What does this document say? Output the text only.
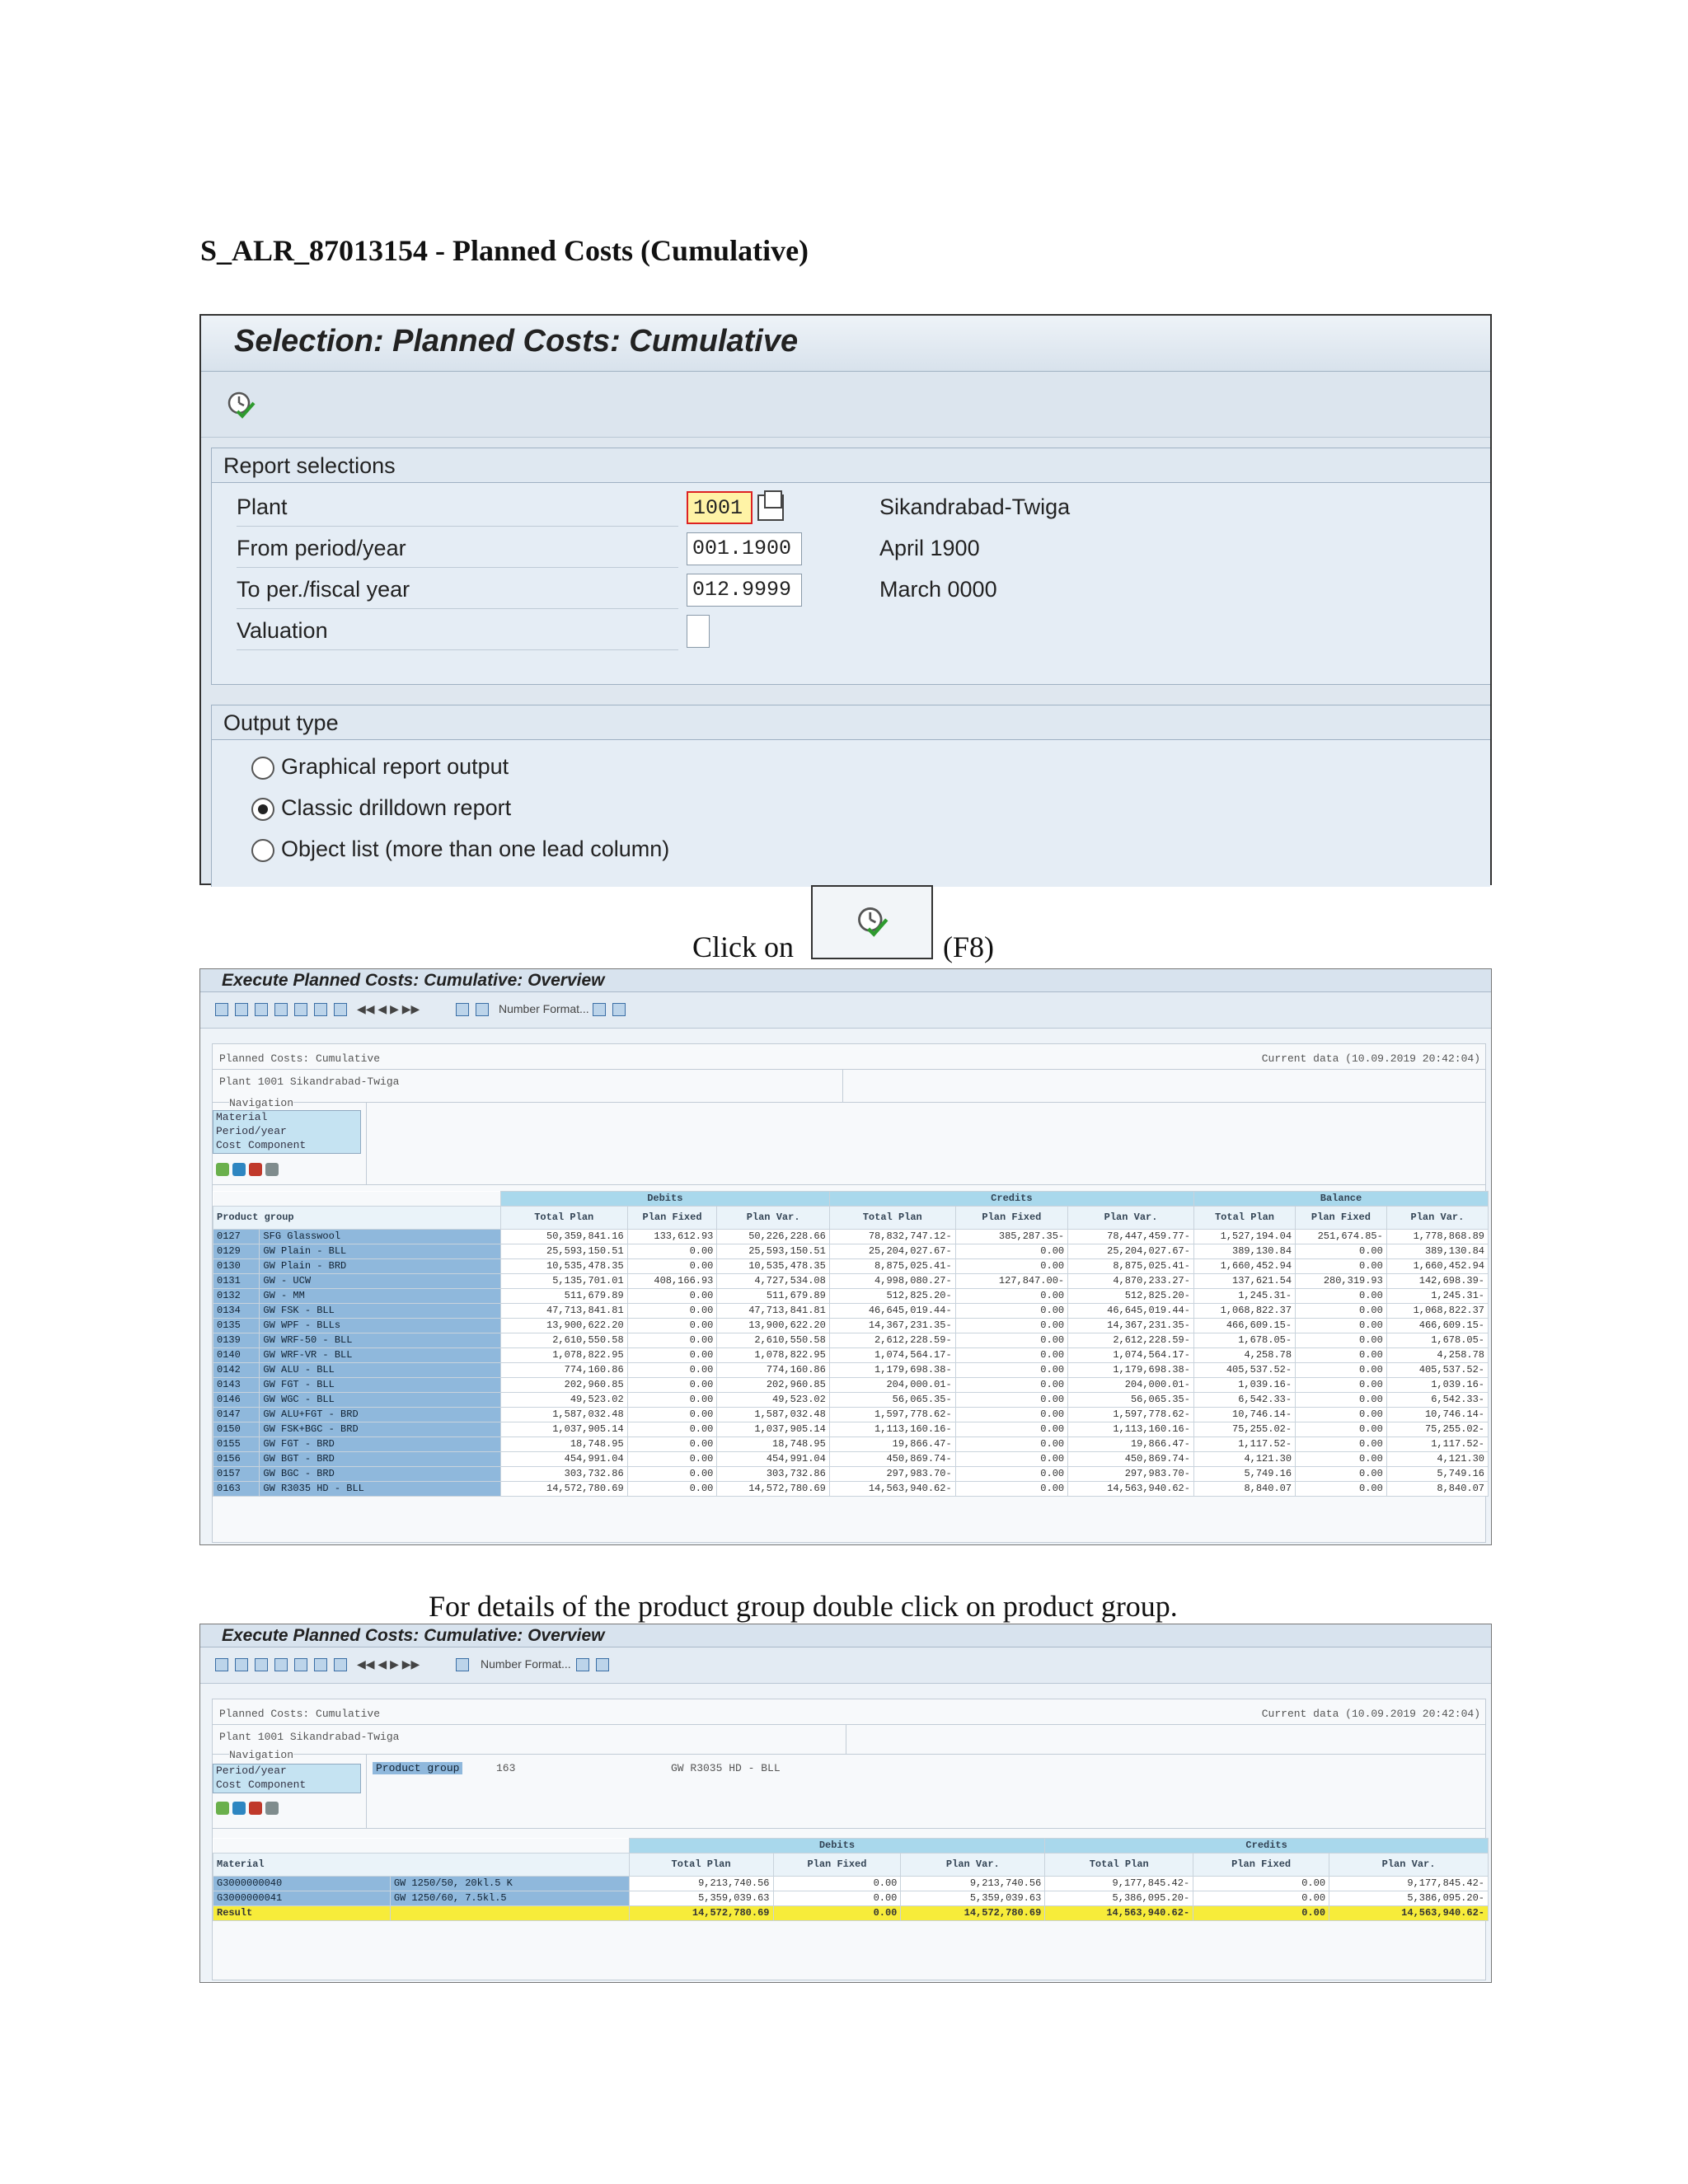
S_ALR_87013154 - Planned Costs (Cumulative)
Selection: Planned Costs: Cumulative
Report selections
Plant	1001	Sikandrabad-Twiga
From period/year	001.1900	April 1900
To per./fiscal year	012.9999	March 0000
Valuation
Output type
Graphical report output
Classic drilldown report
Object list (more than one lead column)
Click on	(F8)
Execute Planned Costs: Cumulative: Overview
◀◀ ◀ ▶ ▶▶	Number Format...
Planned Costs: Cumulative	Current data (10.09.2019 20:42:04)
Plant 1001 Sikandrabad-Twiga
Navigation
Material
Period/year
Cost Component
		Debits			Credits			Balance		
Product group		Total Plan	Plan Fixed	Plan Var.	Total Plan	Plan Fixed	Plan Var.	Total Plan	Plan Fixed	Plan Var.
0127	SFG Glasswool	50,359,841.16	133,612.93	50,226,228.66	78,832,747.12-	385,287.35-	78,447,459.77-	1,527,194.04	251,674.85-	1,778,868.89
0129	GW Plain - BLL	25,593,150.51	0.00	25,593,150.51	25,204,027.67-	0.00	25,204,027.67-	389,130.84	0.00	389,130.84
0130	GW Plain - BRD	10,535,478.35	0.00	10,535,478.35	8,875,025.41-	0.00	8,875,025.41-	1,660,452.94	0.00	1,660,452.94
0131	GW - UCW	5,135,701.01	408,166.93	4,727,534.08	4,998,080.27-	127,847.00-	4,870,233.27-	137,621.54	280,319.93	142,698.39-
0132	GW - MM	511,679.89	0.00	511,679.89	512,825.20-	0.00	512,825.20-	1,245.31-	0.00	1,245.31-
0134	GW FSK - BLL	47,713,841.81	0.00	47,713,841.81	46,645,019.44-	0.00	46,645,019.44-	1,068,822.37	0.00	1,068,822.37
0135	GW WPF - BLLs	13,900,622.20	0.00	13,900,622.20	14,367,231.35-	0.00	14,367,231.35-	466,609.15-	0.00	466,609.15-
0139	GW WRF-50 - BLL	2,610,550.58	0.00	2,610,550.58	2,612,228.59-	0.00	2,612,228.59-	1,678.05-	0.00	1,678.05-
0140	GW WRF-VR - BLL	1,078,822.95	0.00	1,078,822.95	1,074,564.17-	0.00	1,074,564.17-	4,258.78	0.00	4,258.78
0142	GW ALU - BLL	774,160.86	0.00	774,160.86	1,179,698.38-	0.00	1,179,698.38-	405,537.52-	0.00	405,537.52-
0143	GW FGT - BLL	202,960.85	0.00	202,960.85	204,000.01-	0.00	204,000.01-	1,039.16-	0.00	1,039.16-
0146	GW WGC - BLL	49,523.02	0.00	49,523.02	56,065.35-	0.00	56,065.35-	6,542.33-	0.00	6,542.33-
0147	GW ALU+FGT - BRD	1,587,032.48	0.00	1,587,032.48	1,597,778.62-	0.00	1,597,778.62-	10,746.14-	0.00	10,746.14-
0150	GW FSK+BGC - BRD	1,037,905.14	0.00	1,037,905.14	1,113,160.16-	0.00	1,113,160.16-	75,255.02-	0.00	75,255.02-
0155	GW FGT - BRD	18,748.95	0.00	18,748.95	19,866.47-	0.00	19,866.47-	1,117.52-	0.00	1,117.52-
0156	GW BGT - BRD	454,991.04	0.00	454,991.04	450,869.74-	0.00	450,869.74-	4,121.30	0.00	4,121.30
0157	GW BGC - BRD	303,732.86	0.00	303,732.86	297,983.70-	0.00	297,983.70-	5,749.16	0.00	5,749.16
0163	GW R3035 HD - BLL	14,572,780.69	0.00	14,572,780.69	14,563,940.62-	0.00	14,563,940.62-	8,840.07	0.00	8,840.07
For details of the product group double click on product group.
Execute Planned Costs: Cumulative: Overview
◀◀ ◀ ▶ ▶▶	Number Format...
Planned Costs: Cumulative	Current data (10.09.2019 20:42:04)
Plant 1001 Sikandrabad-Twiga
Navigation
Period/year
Cost Component
Product group	163	GW R3035 HD - BLL
		Debits			Credits		
Material		Total Plan	Plan Fixed	Plan Var.	Total Plan	Plan Fixed	Plan Var.
G3000000040	GW 1250/50, 20kl.5 K	9,213,740.56	0.00	9,213,740.56	9,177,845.42-	0.00	9,177,845.42-
G3000000041	GW 1250/60, 7.5kl.5	5,359,039.63	0.00	5,359,039.63	5,386,095.20-	0.00	5,386,095.20-
Result		14,572,780.69	0.00	14,572,780.69	14,563,940.62-	0.00	14,563,940.62-
